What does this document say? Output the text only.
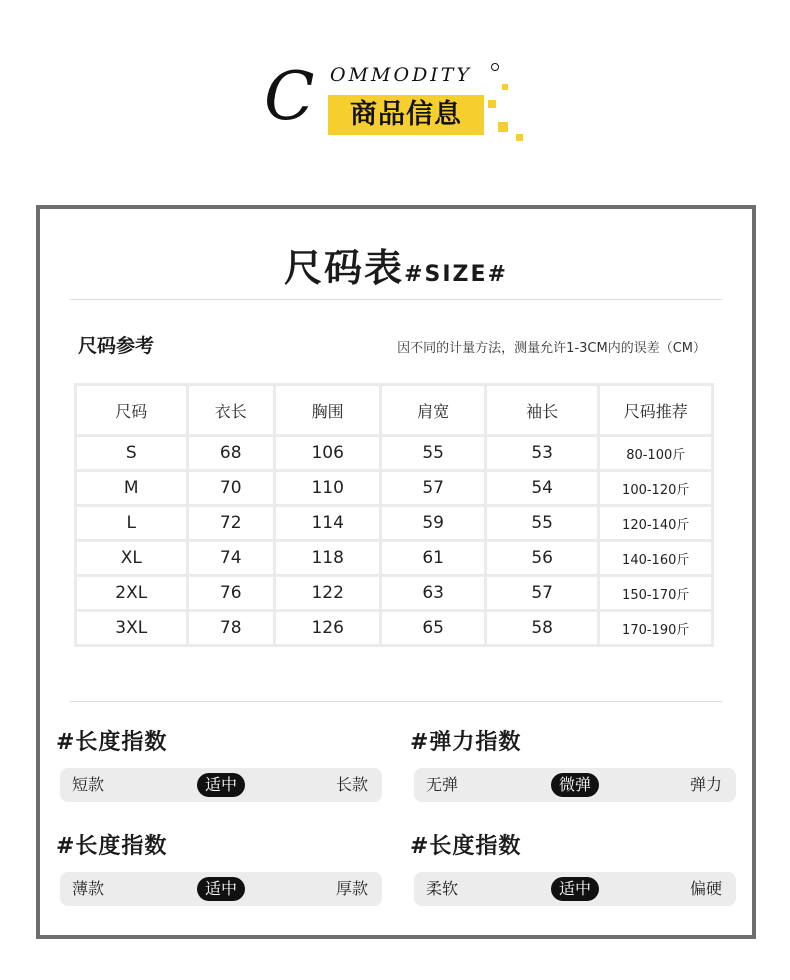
C OMMODITY
商品信息
尺码表#SIZE#
尺码参考	因不同的计量方法，测量允许1-3CM内的误差（CM）
尺码	衣长	胸围	肩宽	袖长	尺码推荐
S	68	106	55	53	80-100斤
M	70	110	57	54	100-120斤
L	72	114	59	55	120-140斤
XL	74	118	61	56	140-160斤
2XL	76	122	63	57	150-170斤
3XL	78	126	65	58	170-190斤
#长度指数
短款	适中	长款
#弹力指数
无弹	微弹	弹力
#长度指数
薄款	适中	厚款
#长度指数
柔软	适中	偏硬
